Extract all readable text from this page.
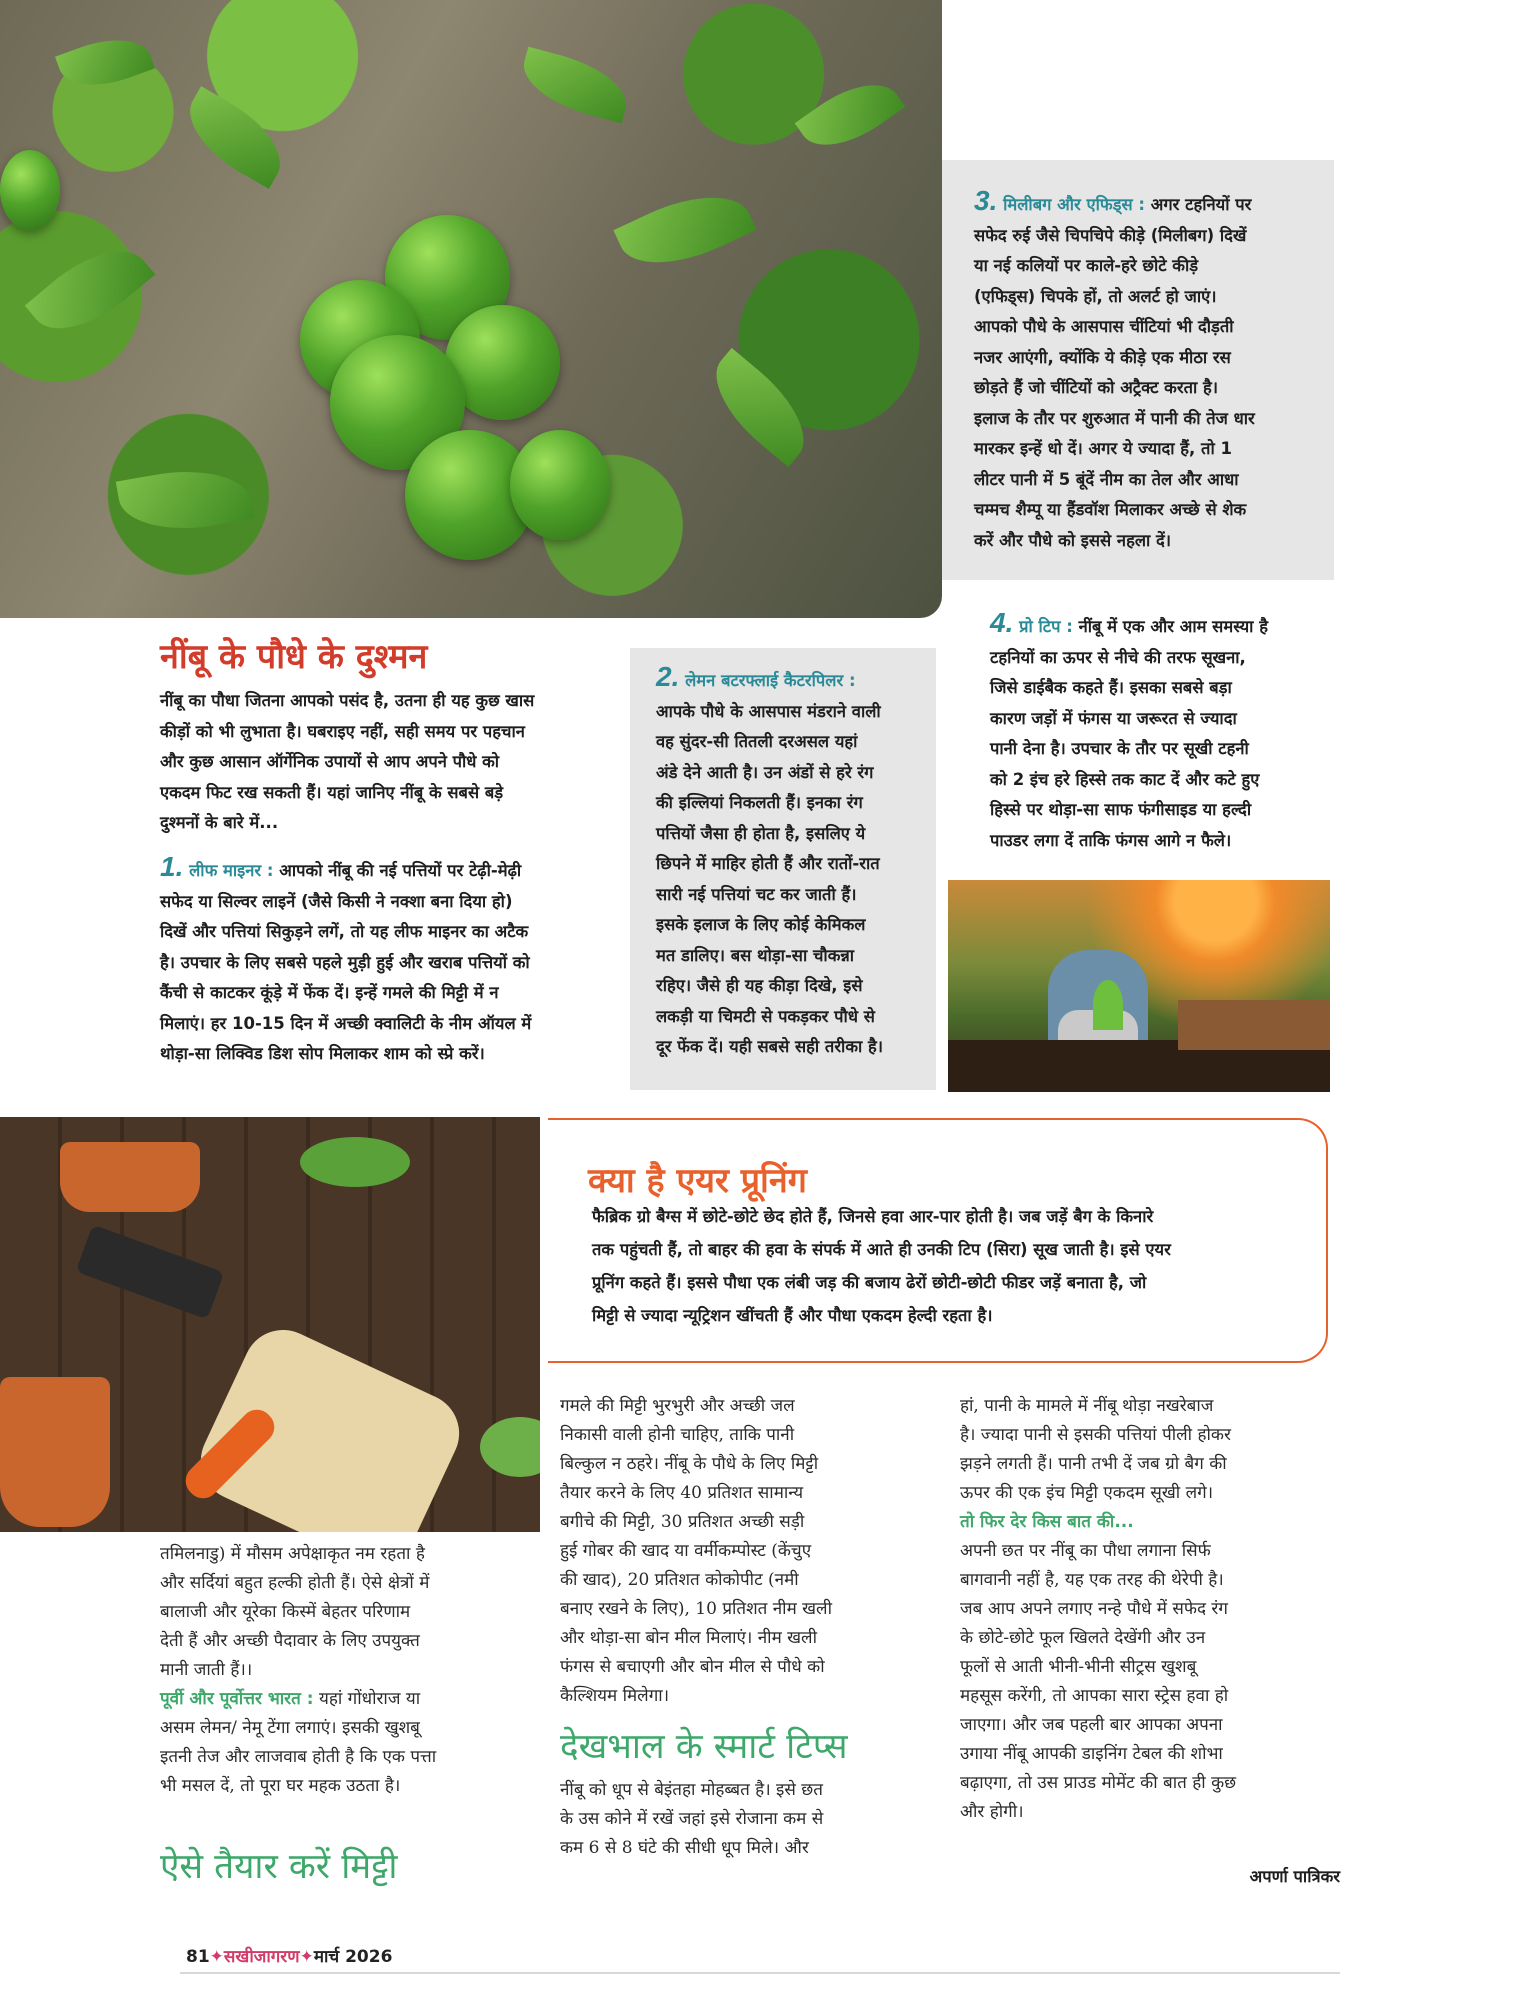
3. मिलीबग और एफिड्स : अगर टहनियों पर
सफेद रुई जैसे चिपचिपे कीड़े (मिलीबग) दिखें
या नई कलियों पर काले-हरे छोटे कीड़े
(एफिड्स) चिपके हों, तो अलर्ट हो जाएं।
आपको पौधे के आसपास चींटियां भी दौड़ती
नजर आएंगी, क्योंकि ये कीड़े एक मीठा रस
छोड़ते हैं जो चींटियों को अट्रैक्ट करता है।
इलाज के तौर पर शुरुआत में पानी की तेज धार
मारकर इन्हें धो दें। अगर ये ज्यादा हैं, तो 1
लीटर पानी में 5 बूंदें नीम का तेल और आधा
चम्मच शैम्पू या हैंडवॉश मिलाकर अच्छे से शेक
करें और पौधे को इससे नहला दें।
नींबू के पौधे के दुश्मन
नींबू का पौधा जितना आपको पसंद है, उतना ही यह कुछ खास
कीड़ों को भी लुभाता है। घबराइए नहीं, सही समय पर पहचान
और कुछ आसान ऑर्गेनिक उपायों से आप अपने पौधे को
एकदम फिट रख सकती हैं। यहां जानिए नींबू के सबसे बड़े
दुश्मनों के बारे में...
1. लीफ माइनर : आपको नींबू की नई पत्तियों पर टेढ़ी-मेढ़ी
सफेद या सिल्वर लाइनें (जैसे किसी ने नक्शा बना दिया हो)
दिखें और पत्तियां सिकुड़ने लगें, तो यह लीफ माइनर का अटैक
है। उपचार के लिए सबसे पहले मुड़ी हुई और खराब पत्तियों को
कैंची से काटकर कूंड़े में फेंक दें। इन्हें गमले की मिट्टी में न
मिलाएं। हर 10-15 दिन में अच्छी क्वालिटी के नीम ऑयल में
थोड़ा-सा लिक्विड डिश सोप मिलाकर शाम को स्प्रे करें।
2. लेमन बटरफ्लाई कैटरपिलर :
आपके पौधे के आसपास मंडराने वाली
वह सुंदर-सी तितली दरअसल यहां
अंडे देने आती है। उन अंडों से हरे रंग
की इल्लियां निकलती हैं। इनका रंग
पत्तियों जैसा ही होता है, इसलिए ये
छिपने में माहिर होती हैं और रातों-रात
सारी नई पत्तियां चट कर जाती हैं।
इसके इलाज के लिए कोई केमिकल
मत डालिए। बस थोड़ा-सा चौकन्ना
रहिए। जैसे ही यह कीड़ा दिखे, इसे
लकड़ी या चिमटी से पकड़कर पौधे से
दूर फेंक दें। यही सबसे सही तरीका है।
4. प्रो टिप : नींबू में एक और आम समस्या है
टहनियों का ऊपर से नीचे की तरफ सूखना,
जिसे डाईबैक कहते हैं। इसका सबसे बड़ा
कारण जड़ों में फंगस या जरूरत से ज्यादा
पानी देना है। उपचार के तौर पर सूखी टहनी
को 2 इंच हरे हिस्से तक काट दें और कटे हुए
हिस्से पर थोड़ा-सा साफ फंगीसाइड या हल्दी
पाउडर लगा दें ताकि फंगस आगे न फैले।
क्या है एयर प्रूनिंग
फैब्रिक ग्रो बैग्स में छोटे-छोटे छेद होते हैं, जिनसे हवा आर-पार होती है। जब जड़ें बैग के किनारे
तक पहुंचती हैं, तो बाहर की हवा के संपर्क में आते ही उनकी टिप (सिरा) सूख जाती है। इसे एयर
प्रूनिंग कहते हैं। इससे पौधा एक लंबी जड़ की बजाय ढेरों छोटी-छोटी फीडर जड़ें बनाता है, जो
मिट्टी से ज्यादा न्यूट्रिशन खींचती हैं और पौधा एकदम हेल्दी रहता है।
तमिलनाडु) में मौसम अपेक्षाकृत नम रहता है
और सर्दियां बहुत हल्की होती हैं। ऐसे क्षेत्रों में
बालाजी और यूरेका किस्में बेहतर परिणाम
देती हैं और अच्छी पैदावार के लिए उपयुक्त
मानी जाती हैं।।
पूर्वी और पूर्वोत्तर भारत : यहां गोंधोराज या
असम लेमन/ नेमू टेंगा लगाएं। इसकी खुशबू
इतनी तेज और लाजवाब होती है कि एक पत्ता
भी मसल दें, तो पूरा घर महक उठता है।
ऐसे तैयार करें मिट्टी
गमले की मिट्टी भुरभुरी और अच्छी जल
निकासी वाली होनी चाहिए, ताकि पानी
बिल्कुल न ठहरे। नींबू के पौधे के लिए मिट्टी
तैयार करने के लिए 40 प्रतिशत सामान्य
बगीचे की मिट्टी, 30 प्रतिशत अच्छी सड़ी
हुई गोबर की खाद या वर्मीकम्पोस्ट (केंचुए
की खाद), 20 प्रतिशत कोकोपीट (नमी
बनाए रखने के लिए), 10 प्रतिशत नीम खली
और थोड़ा-सा बोन मील मिलाएं। नीम खली
फंगस से बचाएगी और बोन मील से पौधे को
कैल्शियम मिलेगा।
देखभाल के स्मार्ट टिप्स
नींबू को धूप से बेइंतहा मोहब्बत है। इसे छत
के उस कोने में रखें जहां इसे रोजाना कम से
कम 6 से 8 घंटे की सीधी धूप मिले। और
हां, पानी के मामले में नींबू थोड़ा नखरेबाज
है। ज्यादा पानी से इसकी पत्तियां पीली होकर
झड़ने लगती हैं। पानी तभी दें जब ग्रो बैग की
ऊपर की एक इंच मिट्टी एकदम सूखी लगे।
तो फिर देर किस बात की...
अपनी छत पर नींबू का पौधा लगाना सिर्फ
बागवानी नहीं है, यह एक तरह की थेरेपी है।
जब आप अपने लगाए नन्हे पौधे में सफेद रंग
के छोटे-छोटे फूल खिलते देखेंगी और उन
फूलों से आती भीनी-भीनी सीट्रस खुशबू
महसूस करेंगी, तो आपका सारा स्ट्रेस हवा हो
जाएगा। और जब पहली बार आपका अपना
उगाया नींबू आपकी डाइनिंग टेबल की शोभा
बढ़ाएगा, तो उस प्राउड मोमेंट की बात ही कुछ
और होगी।
अपर्णा पात्रिकर
81✦सखीजागरण✦मार्च 2026
